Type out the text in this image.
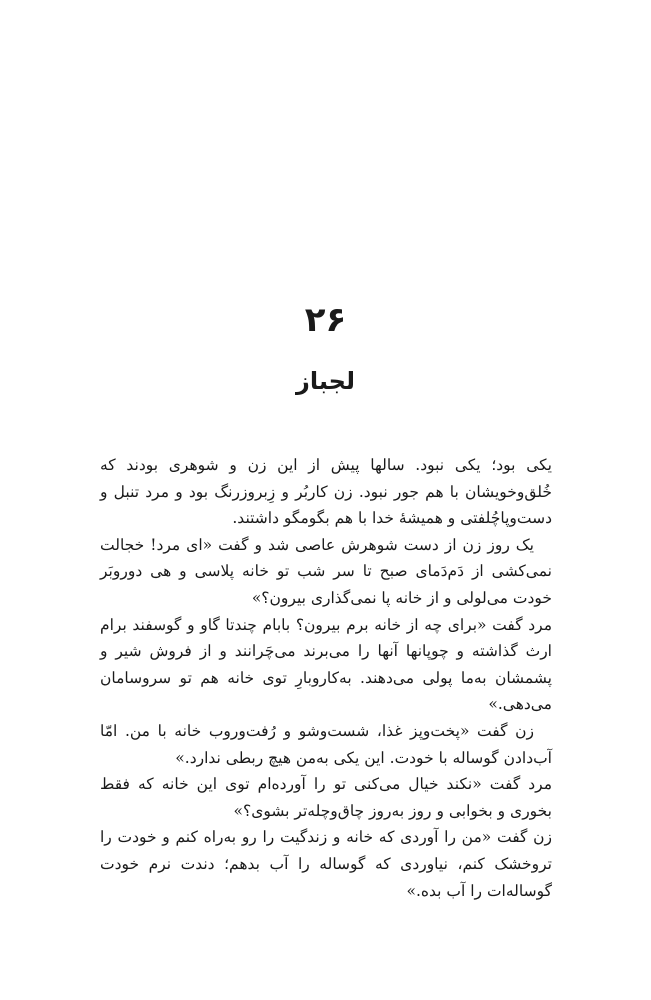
۲۶
لجباز

یکی بود؛ یکی نبود. سالها پیش از این زن و شوهری بودند که خُلق‌وخویشان با هم جور نبود. زن کاربُر و زِبروزرنگ بود و مرد تنبل و دست‌وپاچُلفتی و همیشهٔ خدا با هم بگومگو داشتند.

یک روز زن از دست شوهرش عاصی شد و گفت «ای مرد! خجالت نمی‌کشی از دَم‌دَمای صبح تا سر شب تو خانه پلاسی و هی دوروبَر خودت می‌لولی و از خانه پا نمی‌گذاری بیرون؟»

مرد گفت «برای چه از خانه برم بیرون؟ بابام چندتا گاو و گوسفند برام ارث گذاشته و چوپانها آنها را می‌برند می‌چَرانند و از فروش شیر و پشمشان به‌ما پولی می‌دهند. به‌کاروبارِ توی خانه هم تو سروسامان می‌دهی.»

زن گفت «پخت‌وپز غذا، شست‌وشو و رُفت‌وروب خانه با من. امّا آب‌دادن گوساله با خودت. این یکی به‌من هیچ ربطی ندارد.»

مرد گفت «نکند خیال می‌کنی تو را آورده‌ام توی این خانه که فقط بخوری و بخوابی و روز به‌روز چاق‌وچله‌تر بشوی؟»

زن گفت «من را آوردی که خانه و زندگیت را رو به‌راه کنم و خودت را تروخشک کنم، نیاوردی که گوساله را آب بدهم؛ دندت نرم خودت گوساله‌ات را آب بده.»
